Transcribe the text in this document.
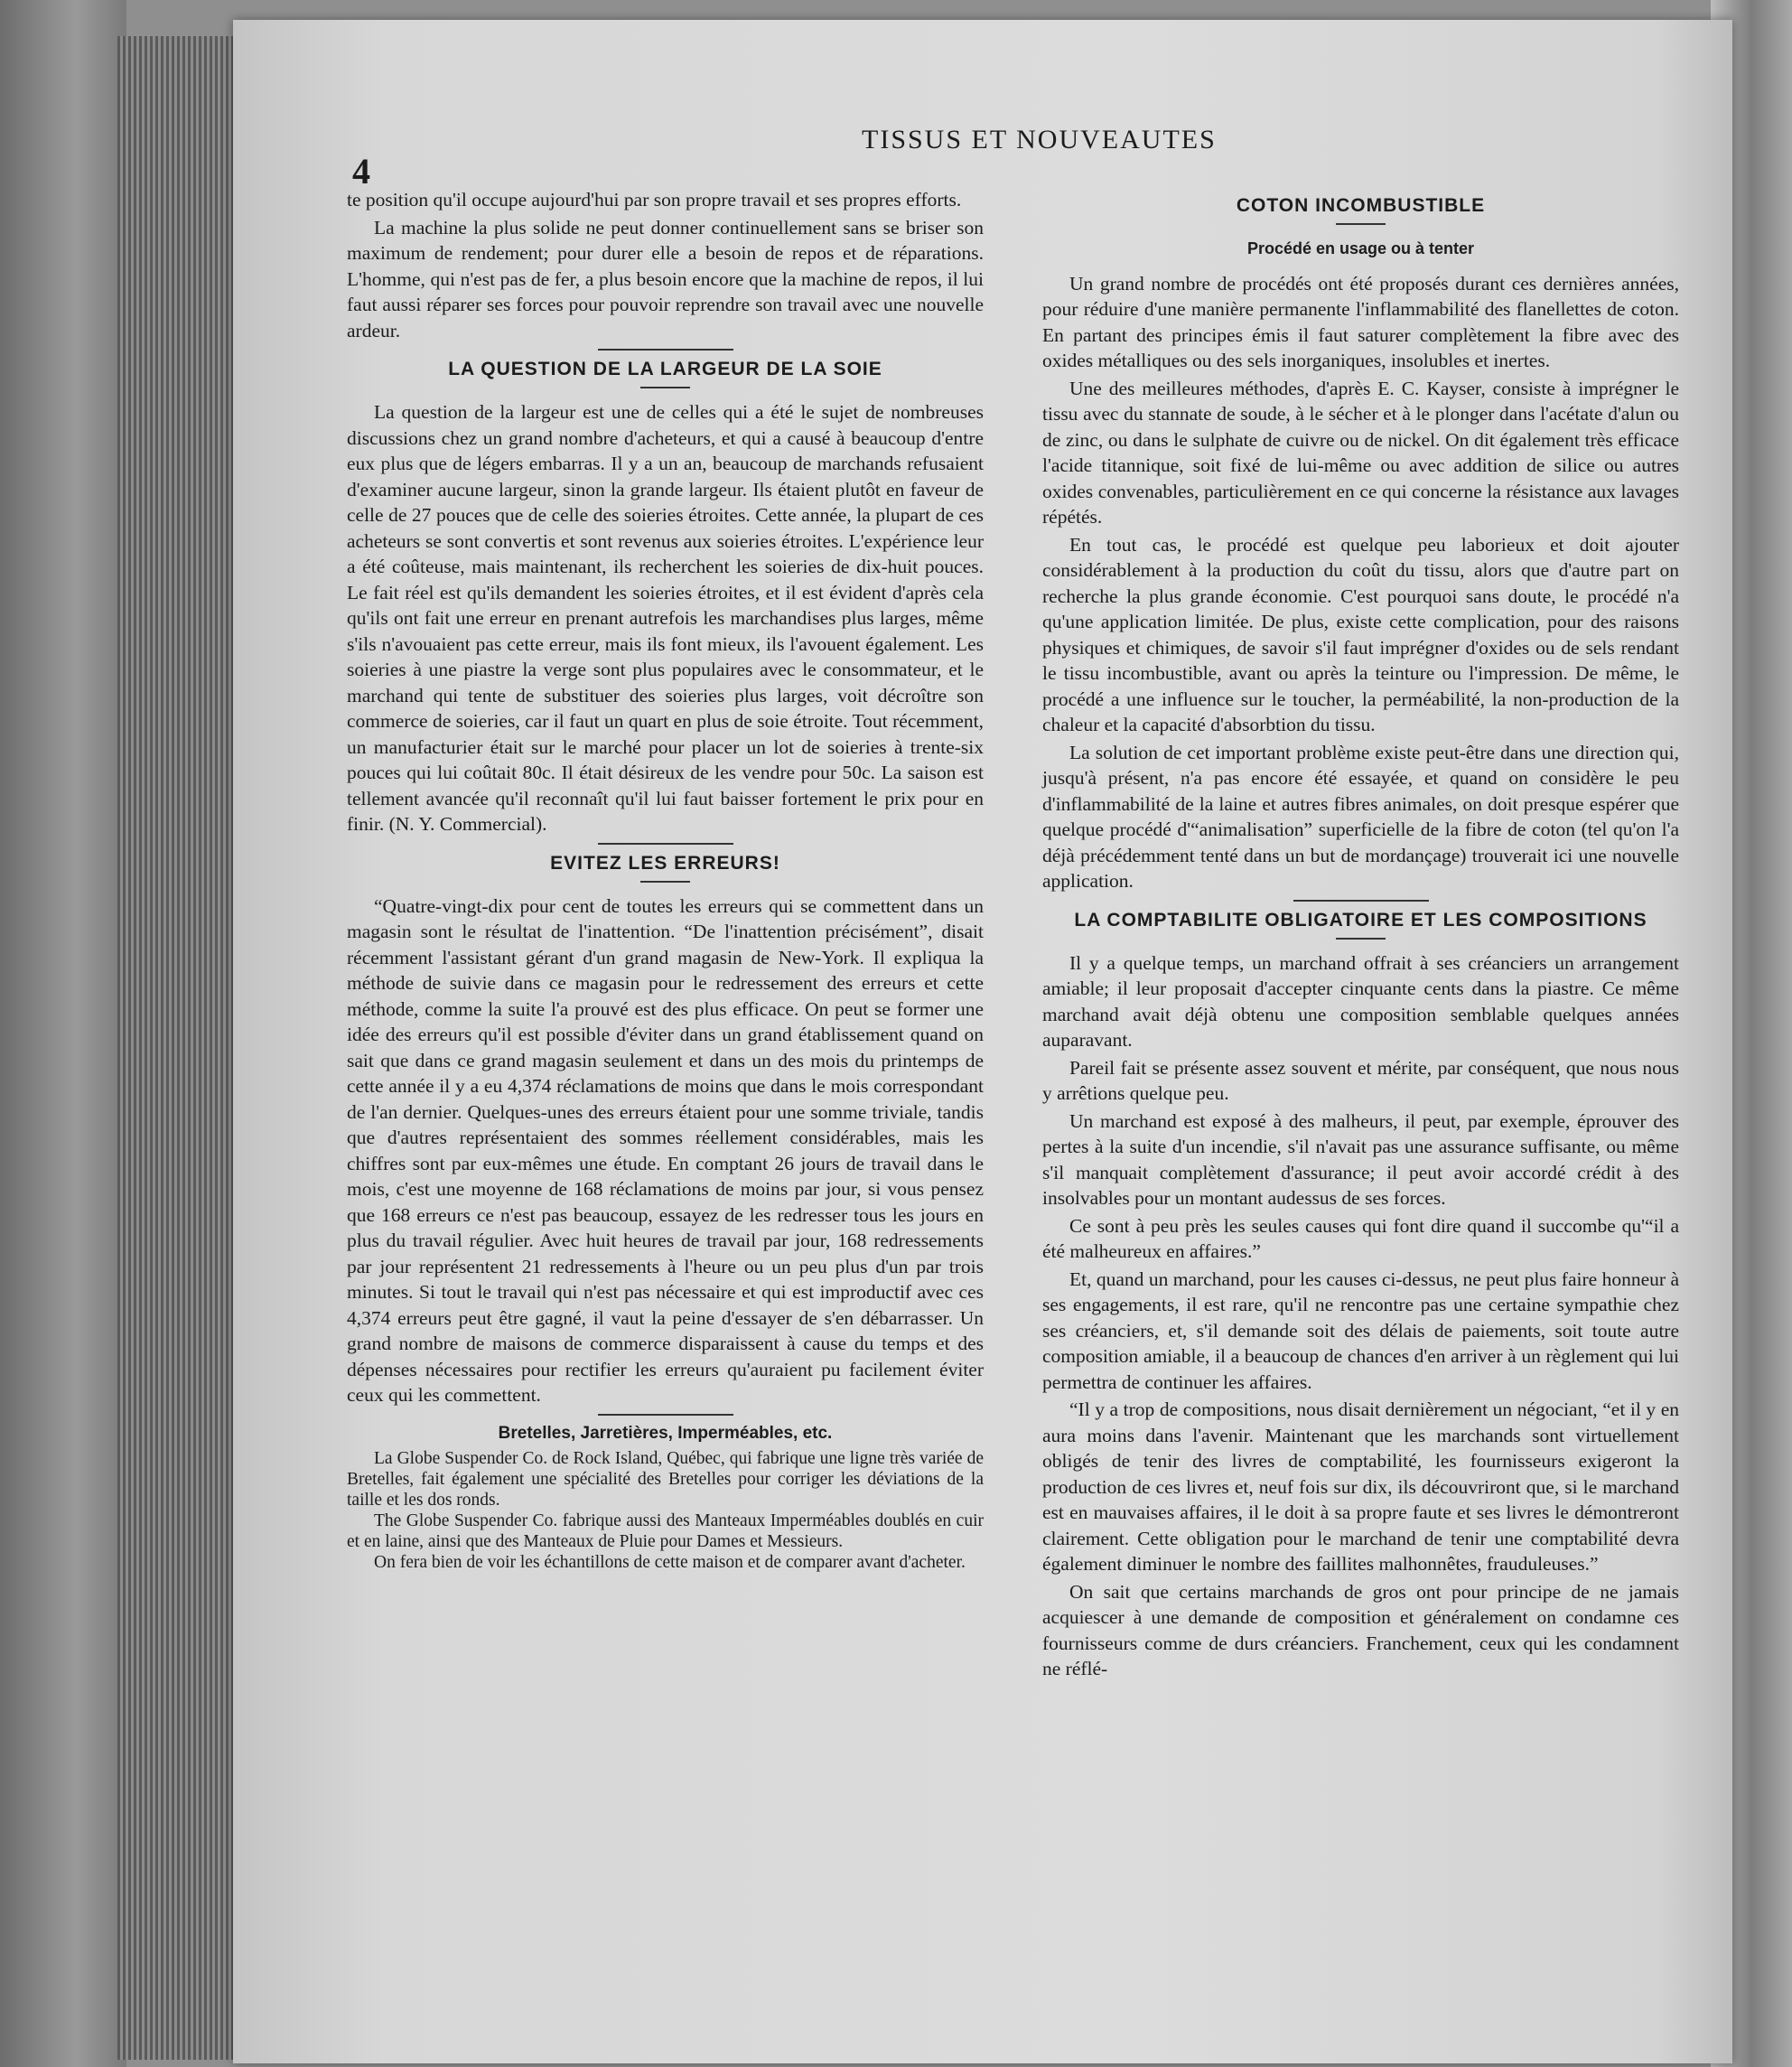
4
TISSUS ET NOUVEAUTES

te position qu'il occupe aujourd'hui par son propre travail et ses propres efforts.

La machine la plus solide ne peut donner continuellement sans se briser son maximum de rendement; pour durer elle a besoin de repos et de réparations. L'homme, qui n'est pas de fer, a plus besoin encore que la machine de repos, il lui faut aussi réparer ses forces pour pouvoir reprendre son travail avec une nouvelle ardeur.

LA QUESTION DE LA LARGEUR DE LA SOIE

La question de la largeur est une de celles qui a été le sujet de nombreuses discussions chez un grand nombre d'acheteurs, et qui a causé à beaucoup d'entre eux plus que de légers embarras. Il y a un an, beaucoup de marchands refusaient d'examiner aucune largeur, sinon la grande largeur. Ils étaient plutôt en faveur de celle de 27 pouces que de celle des soieries étroites. Cette année, la plupart de ces acheteurs se sont convertis et sont revenus aux soieries étroites. L'expérience leur a été coûteuse, mais maintenant, ils recherchent les soieries de dix-huit pouces. Le fait réel est qu'ils demandent les soieries étroites, et il est évident d'après cela qu'ils ont fait une erreur en prenant autrefois les marchandises plus larges, même s'ils n'avouaient pas cette erreur, mais ils font mieux, ils l'avouent également. Les soieries à une piastre la verge sont plus populaires avec le consommateur, et le marchand qui tente de substituer des soieries plus larges, voit décroître son commerce de soieries, car il faut un quart en plus de soie étroite. Tout récemment, un manufacturier était sur le marché pour placer un lot de soieries à trente-six pouces qui lui coûtait 80c. Il était désireux de les vendre pour 50c. La saison est tellement avancée qu'il reconnaît qu'il lui faut baisser fortement le prix pour en finir. (N. Y. Commercial).

EVITEZ LES ERREURS!

“Quatre-vingt-dix pour cent de toutes les erreurs qui se commettent dans un magasin sont le résultat de l'inattention. “De l'inattention précisément”, disait récemment l'assistant gérant d'un grand magasin de New-York. Il expliqua la méthode de suivie dans ce magasin pour le redressement des erreurs et cette méthode, comme la suite l'a prouvé est des plus efficace. On peut se former une idée des erreurs qu'il est possible d'éviter dans un grand établissement quand on sait que dans ce grand magasin seulement et dans un des mois du printemps de cette année il y a eu 4,374 réclamations de moins que dans le mois correspondant de l'an dernier. Quelques-unes des erreurs étaient pour une somme triviale, tandis que d'autres représentaient des sommes réellement considérables, mais les chiffres sont par eux-mêmes une étude. En comptant 26 jours de travail dans le mois, c'est une moyenne de 168 réclamations de moins par jour, si vous pensez que 168 erreurs ce n'est pas beaucoup, essayez de les redresser tous les jours en plus du travail régulier. Avec huit heures de travail par jour, 168 redressements par jour représentent 21 redressements à l'heure ou un peu plus d'un par trois minutes. Si tout le travail qui n'est pas nécessaire et qui est improductif avec ces 4,374 erreurs peut être gagné, il vaut la peine d'essayer de s'en débarrasser. Un grand nombre de maisons de commerce disparaissent à cause du temps et des dépenses nécessaires pour rectifier les erreurs qu'auraient pu facilement éviter ceux qui les commettent.

Bretelles, Jarretières, Imperméables, etc.

La Globe Suspender Co. de Rock Island, Québec, qui fabrique une ligne très variée de Bretelles, fait également une spécialité des Bretelles pour corriger les déviations de la taille et les dos ronds.

The Globe Suspender Co. fabrique aussi des Manteaux Imperméables doublés en cuir et en laine, ainsi que des Manteaux de Pluie pour Dames et Messieurs.

On fera bien de voir les échantillons de cette maison et de comparer avant d'acheter.

COTON INCOMBUSTIBLE
Procédé en usage ou à tenter

Un grand nombre de procédés ont été proposés durant ces dernières années, pour réduire d'une manière permanente l'inflammabilité des flanellettes de coton. En partant des principes émis il faut saturer complètement la fibre avec des oxides métalliques ou des sels inorganiques, insolubles et inertes.

Une des meilleures méthodes, d'après E. C. Kayser, consiste à imprégner le tissu avec du stannate de soude, à le sécher et à le plonger dans l'acétate d'alun ou de zinc, ou dans le sulphate de cuivre ou de nickel. On dit également très efficace l'acide titannique, soit fixé de lui-même ou avec addition de silice ou autres oxides convenables, particulièrement en ce qui concerne la résistance aux lavages répétés.

En tout cas, le procédé est quelque peu laborieux et doit ajouter considérablement à la production du coût du tissu, alors que d'autre part on recherche la plus grande économie. C'est pourquoi sans doute, le procédé n'a qu'une application limitée. De plus, existe cette complication, pour des raisons physiques et chimiques, de savoir s'il faut imprégner d'oxides ou de sels rendant le tissu incombustible, avant ou après la teinture ou l'impression. De même, le procédé a une influence sur le toucher, la perméabilité, la non-production de la chaleur et la capacité d'absorbtion du tissu.

La solution de cet important problème existe peut-être dans une direction qui, jusqu'à présent, n'a pas encore été essayée, et quand on considère le peu d'inflammabilité de la laine et autres fibres animales, on doit presque espérer que quelque procédé d'“animalisation” superficielle de la fibre de coton (tel qu'on l'a déjà précédemment tenté dans un but de mordançage) trouverait ici une nouvelle application.

LA COMPTABILITE OBLIGATOIRE ET LES COMPOSITIONS

Il y a quelque temps, un marchand offrait à ses créanciers un arrangement amiable; il leur proposait d'accepter cinquante cents dans la piastre. Ce même marchand avait déjà obtenu une composition semblable quelques années auparavant.

Pareil fait se présente assez souvent et mérite, par conséquent, que nous nous y arrêtions quelque peu.

Un marchand est exposé à des malheurs, il peut, par exemple, éprouver des pertes à la suite d'un incendie, s'il n'avait pas une assurance suffisante, ou même s'il manquait complètement d'assurance; il peut avoir accordé crédit à des insolvables pour un montant audessus de ses forces.

Ce sont à peu près les seules causes qui font dire quand il succombe qu'“il a été malheureux en affaires.”

Et, quand un marchand, pour les causes ci-dessus, ne peut plus faire honneur à ses engagements, il est rare, qu'il ne rencontre pas une certaine sympathie chez ses créanciers, et, s'il demande soit des délais de paiements, soit toute autre composition amiable, il a beaucoup de chances d'en arriver à un règlement qui lui permettra de continuer les affaires.

“Il y a trop de compositions, nous disait dernièrement un négociant, “et il y en aura moins dans l'avenir. Maintenant que les marchands sont virtuellement obligés de tenir des livres de comptabilité, les fournisseurs exigeront la production de ces livres et, neuf fois sur dix, ils découvriront que, si le marchand est en mauvaises affaires, il le doit à sa propre faute et ses livres le démontreront clairement. Cette obligation pour le marchand de tenir une comptabilité devra également diminuer le nombre des faillites malhonnêtes, frauduleuses.”

On sait que certains marchands de gros ont pour principe de ne jamais acquiescer à une demande de composition et généralement on condamne ces fournisseurs comme de durs créanciers. Franchement, ceux qui les condamnent ne réflé-
